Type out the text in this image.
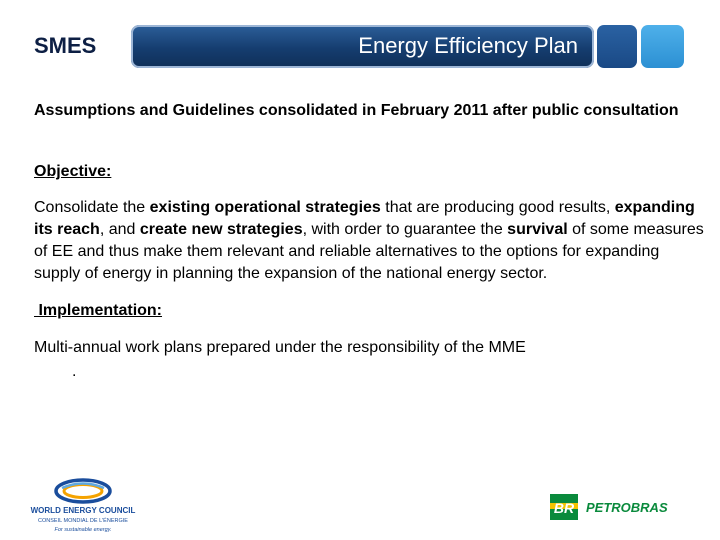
SMES	Energy Efficiency Plan

Assumptions and Guidelines consolidated in February 2011 after public consultation

Objective:

Consolidate the existing operational strategies that are producing good results, expanding its reach, and create new strategies, with order to guarantee the survival of some measures of EE and thus make them relevant and reliable alternatives to the options for expanding supply of energy in planning the expansion of the national energy sector.

Implementation:

Multi-annual work plans prepared under the responsibility of the MME

.

WORLD ENERGY COUNCIL
CONSEIL MONDIAL DE L'ÉNERGIE
For sustainable energy.
BR PETROBRAS
